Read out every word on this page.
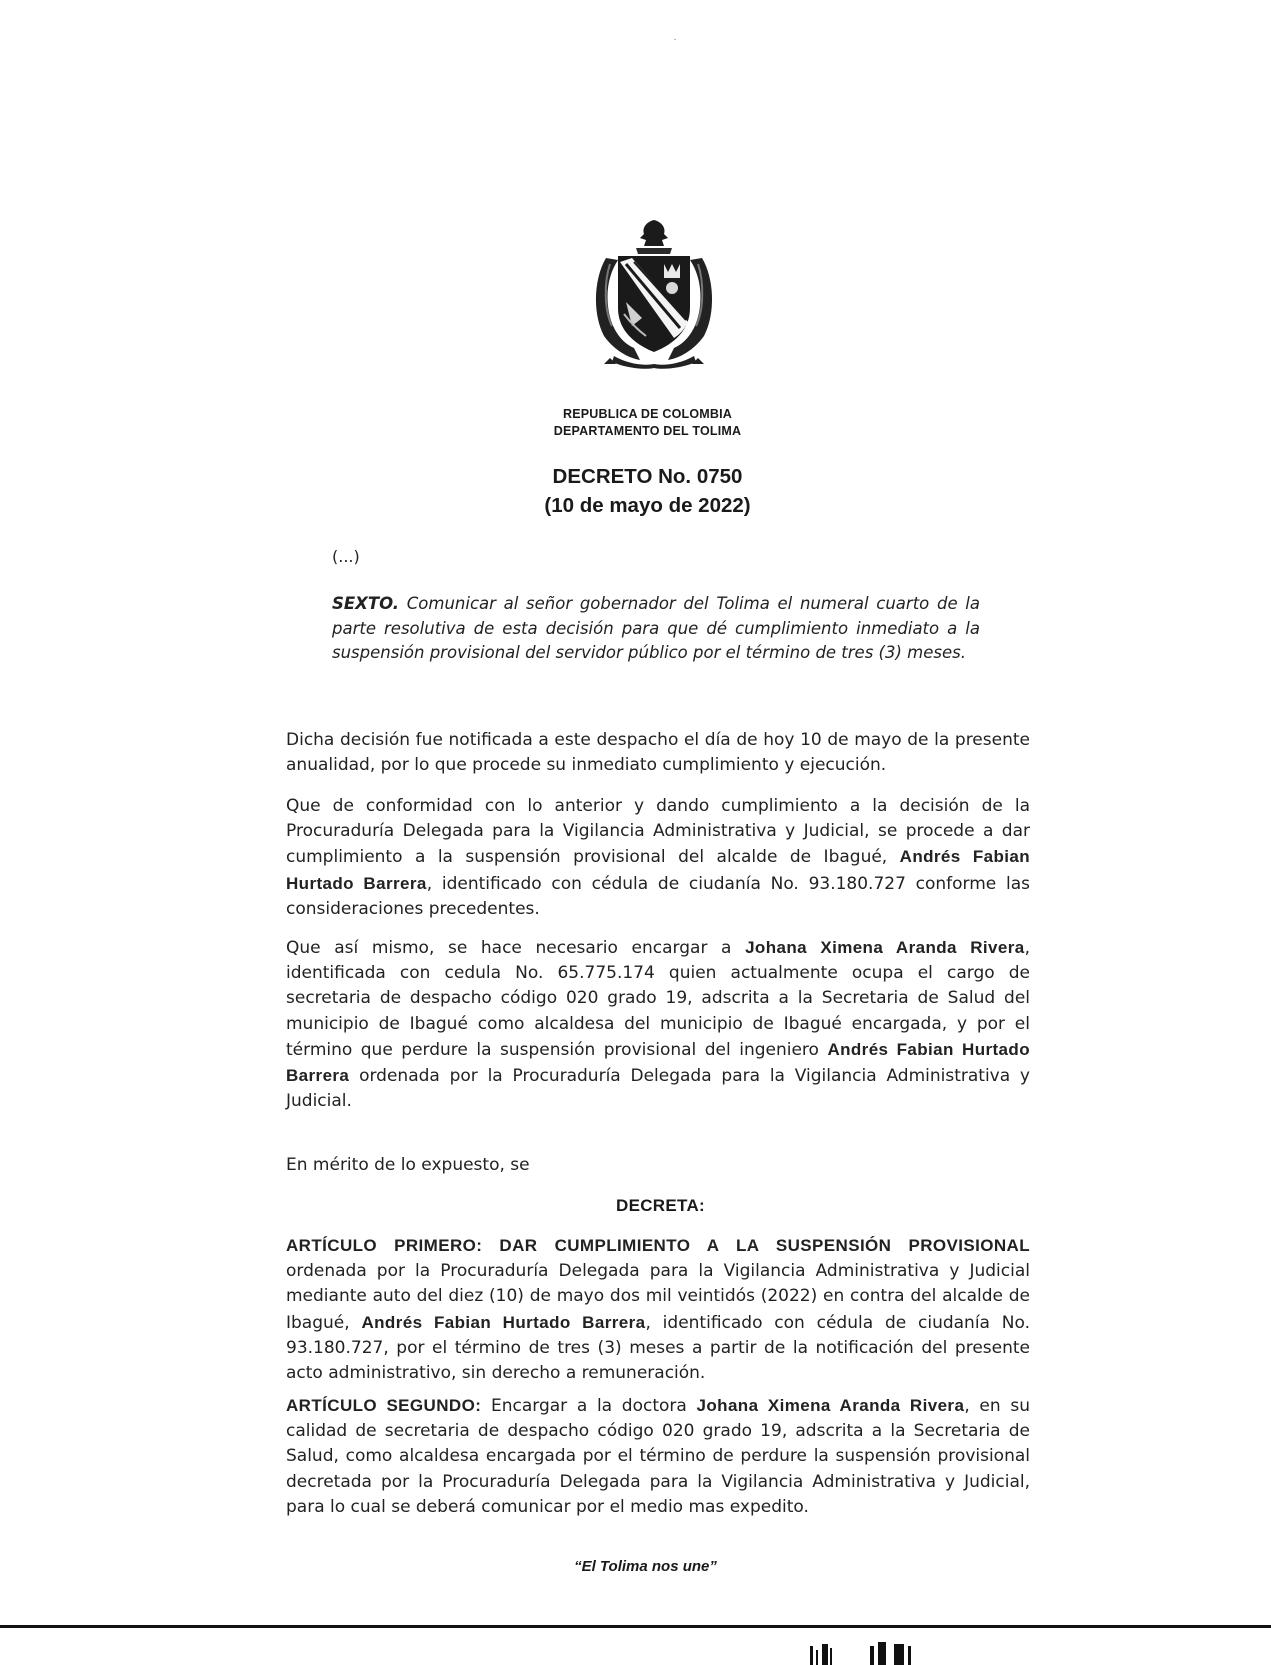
REPUBLICA DE COLOMBIA
DEPARTAMENTO DEL TOLIMA
DECRETO No. 0750
(10 de mayo de 2022)
(...)
SEXTO. Comunicar al señor gobernador del Tolima el numeral cuarto de la parte resolutiva de esta decisión para que dé cumplimiento inmediato a la suspensión provisional del servidor público por el término de tres (3) meses.
Dicha decisión fue notificada a este despacho el día de hoy 10 de mayo de la presente anualidad, por lo que procede su inmediato cumplimiento y ejecución.
Que de conformidad con lo anterior y dando cumplimiento a la decisión de la Procuraduría Delegada para la Vigilancia Administrativa y Judicial, se procede a dar cumplimiento a la suspensión provisional del alcalde de Ibagué, Andrés Fabian Hurtado Barrera, identificado con cédula de ciudanía No. 93.180.727 conforme las consideraciones precedentes.
Que así mismo, se hace necesario encargar a Johana Ximena Aranda Rivera, identificada con cedula No. 65.775.174 quien actualmente ocupa el cargo de secretaria de despacho código 020 grado 19, adscrita a la Secretaria de Salud del municipio de Ibagué como alcaldesa del municipio de Ibagué encargada, y por el término que perdure la suspensión provisional del ingeniero Andrés Fabian Hurtado Barrera ordenada por la Procuraduría Delegada para la Vigilancia Administrativa y Judicial.
En mérito de lo expuesto, se
DECRETA:
ARTÍCULO PRIMERO: DAR CUMPLIMIENTO A LA SUSPENSIÓN PROVISIONAL ordenada por la Procuraduría Delegada para la Vigilancia Administrativa y Judicial mediante auto del diez (10) de mayo dos mil veintidós (2022) en contra del alcalde de Ibagué, Andrés Fabian Hurtado Barrera, identificado con cédula de ciudanía No. 93.180.727, por el término de tres (3) meses a partir de la notificación del presente acto administrativo, sin derecho a remuneración.
ARTÍCULO SEGUNDO: Encargar a la doctora Johana Ximena Aranda Rivera, en su calidad de secretaria de despacho código 020 grado 19, adscrita a la Secretaria de Salud, como alcaldesa encargada por el término de perdure la suspensión provisional decretada por la Procuraduría Delegada para la Vigilancia Administrativa y Judicial, para lo cual se deberá comunicar por el medio mas expedito.
“El Tolima nos une”
